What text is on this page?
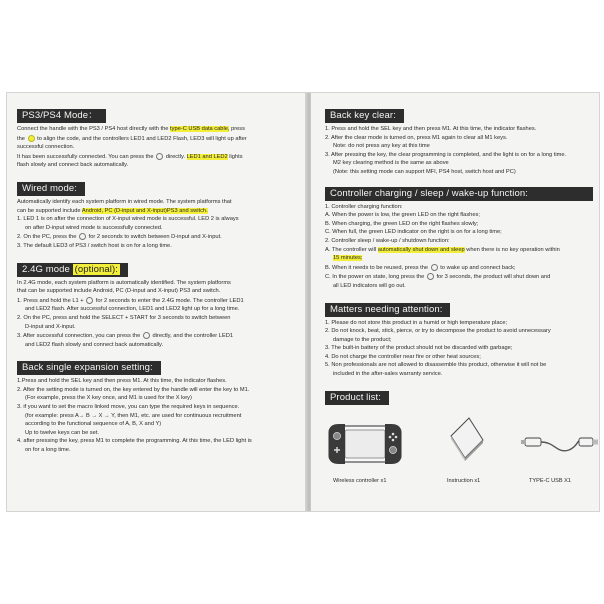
PS3/PS4 Mode：
Connect the handle with the PS3 / PS4 host directly with the type-C USB data cable, press
the to align the code, and the controllers LED1 and LED2 Flash, LED3 will light up after
successful connection.
It has been successfully connected. You can press the directly. LED1 and LED2 lights
flash slowly and connect back automatically.
Wired mode:
Automatically identify each system platform in wired mode. The system platforms that
can be supported include Android, PC (D-input and X-input)PS3 and switch.
1. LED 1 is on after the connection of X-input wired mode is successful. LED 2 is always
on after D-input wired mode is successfully connected.
2. On the PC, press the for 2 seconds to switch between D-input and X-input.
3. The default LED3 of PS3 / switch host is on for a long time.
2.4G mode (optional):
In 2.4G mode, each system platform is automatically identified. The system platforms
that can be supported include Android, PC (D-input and X-input) PS3 and switch.
1. Press and hold the L1 + for 2 seconds to enter the 2.4G mode. The controller LED1
and LED2 flash. After successful connection, LED1 and LED2 light up for a long time.
2. On the PC, press and hold the SELECT + START for 3 seconds to switch between
D-input and X-input.
3. After successful connection, you can press the directly, and the controller LED1
and LED2 flash slowly and connect back automatically.
Back single expansion setting:
1.Press and hold the SEL key and then press M1. At this time, the indicator flashes.
2. After the setting mode is turned on, the key entered by the handle will enter the key to M1.
(For example, press the X key once, and M1 is used for the X key)
3. if you want to set the macro linked move, you can type the required keys in sequence.
(for example: press A→ B → X → Y, then M1, etc. are used for continuous recruitment
according to the functional sequence of A, B, X and Y)
Up to twelve keys can be set.
4. after pressing the key, press M1 to complete the programming. At this time, the LED light is
on for a long time.
Back key clear:
1. Press and hold the SEL key and then press M1. At this time, the indicator flashes.
2. After the clear mode is turned on, press M1 again to clear all M1 keys.
Note: do not press any key at this time
3. After pressing the key, the clear programming is completed, and the light is on for a long time.
M2 key clearing method is the same as above
(Note: this setting mode can support MFI, PS4 host, switch host and PC)
Controller charging / sleep / wake-up function:
1. Controller charging function:
A. When the power is low, the green LED on the right flashes;
B. When charging, the green LED on the right flashes slowly;
C. When full, the green LED indicator on the right is on for a long time;
2. Controller sleep / wake-up / shutdown function:
A. The controller will automatically shut down and sleep when there is no key operation within
15 minutes;
B. When it needs to be reused, press the to wake up and connect back;
C. In the power on state, long press the for 3 seconds, the product will shut down and
all LED indicators will go out.
Matters needing attention:
1. Please do not store this product in a humid or high temperature place;
2. Do not knock, beat, stick, pierce, or try to decompose the product to avoid unnecessary
damage to the product;
3. The built-in battery of the product should not be discarded with garbage;
4. Do not charge the controller near fire or other heat sources;
5. Non professionals are not allowed to disassemble this product, otherwise it will not be
included in the after-sales warranty service.
Product list:
Wireless controller x1	Instruction x1	TYPE-C USB X1
